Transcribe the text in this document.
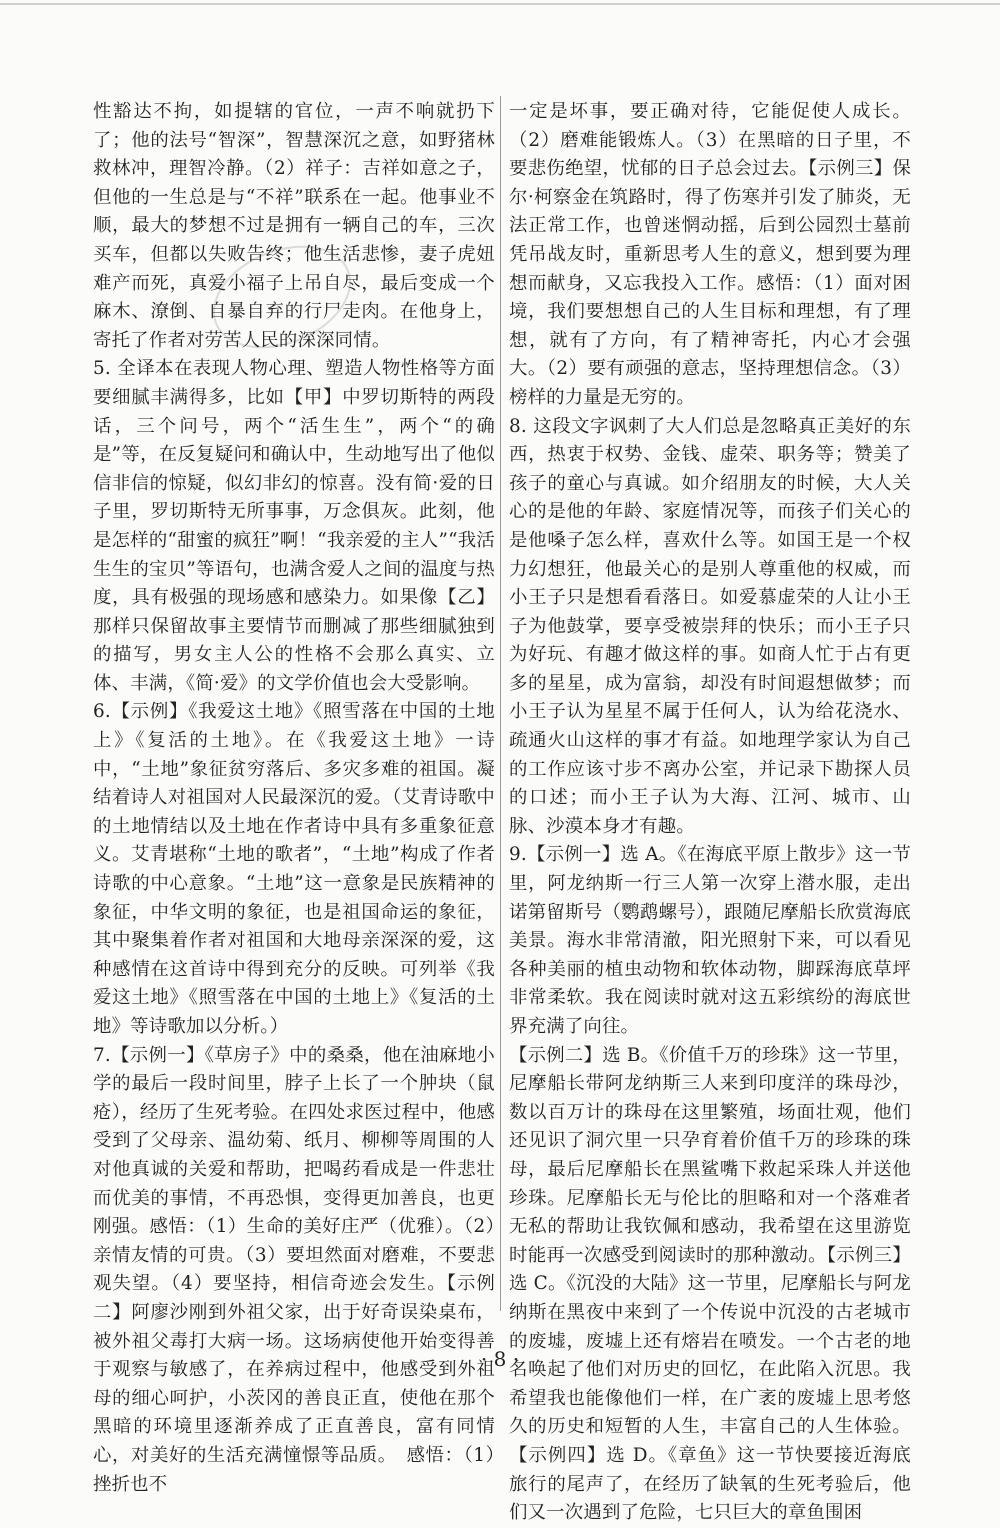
性豁达不拘，如提辖的官位，一声不响就扔下了；他的法号“智深”，智慧深沉之意，如野猪林救林冲，理智冷静。（2）祥子：吉祥如意之子，但他的一生总是与“不祥”联系在一起。他事业不顺，最大的梦想不过是拥有一辆自己的车，三次买车，但都以失败告终；他生活悲惨，妻子虎妞难产而死，真爱小福子上吊自尽，最后变成一个麻木、潦倒、自暴自弃的行尸走肉。在他身上，寄托了作者对劳苦人民的深深同情。

5. 全译本在表现人物心理、塑造人物性格等方面要细腻丰满得多，比如【甲】中罗切斯特的两段话，三个问号，两个“活生生”，两个“的确是”等，在反复疑问和确认中，生动地写出了他似信非信的惊疑，似幻非幻的惊喜。没有简·爱的日子里，罗切斯特无所事事，万念俱灰。此刻，他是怎样的“甜蜜的疯狂”啊！“我亲爱的主人”“我活生生的宝贝”等语句，也满含爱人之间的温度与热度，具有极强的现场感和感染力。如果像【乙】那样只保留故事主要情节而删减了那些细腻独到的描写，男女主人公的性格不会那么真实、立体、丰满，《简·爱》的文学价值也会大受影响。

6.【示例】《我爱这土地》《照雪落在中国的土地上》《复活的土地》。在《我爱这土地》一诗中，“土地”象征贫穷落后、多灾多难的祖国。凝结着诗人对祖国对人民最深沉的爱。（艾青诗歌中的土地情结以及土地在作者诗中具有多重象征意义。艾青堪称“土地的歌者”，“土地”构成了作者诗歌的中心意象。“土地”这一意象是民族精神的象征，中华文明的象征，也是祖国命运的象征，其中聚集着作者对祖国和大地母亲深深的爱，这种感情在这首诗中得到充分的反映。可列举《我爱这土地》《照雪落在中国的土地上》《复活的土地》等诗歌加以分析。）

7.【示例一】《草房子》中的桑桑，他在油麻地小学的最后一段时间里，脖子上长了一个肿块（鼠疮），经历了生死考验。在四处求医过程中，他感受到了父母亲、温幼菊、纸月、柳柳等周围的人对他真诚的关爱和帮助，把喝药看成是一件悲壮而优美的事情，不再恐惧，变得更加善良，也更刚强。感悟：（1）生命的美好庄严（优雅）。（2）亲情友情的可贵。（3）要坦然面对磨难，不要悲观失望。（4）要坚持，相信奇迹会发生。【示例二】阿廖沙刚到外祖父家，出于好奇误染桌布，被外祖父毒打大病一场。这场病使他开始变得善于观察与敏感了，在养病过程中，他感受到外祖母的细心呵护，小茨冈的善良正直，使他在那个黑暗的环境里逐渐养成了正直善良，富有同情心，对美好的生活充满憧憬等品质。　感悟：（1）挫折也不

一定是坏事，要正确对待，它能促使人成长。（2）磨难能锻炼人。（3）在黑暗的日子里，不要悲伤绝望，忧郁的日子总会过去。【示例三】保尔·柯察金在筑路时，得了伤寒并引发了肺炎，无法正常工作，也曾迷惘动摇，后到公园烈士墓前凭吊战友时，重新思考人生的意义，想到要为理想而献身，又忘我投入工作。感悟：（1）面对困境，我们要想想自己的人生目标和理想，有了理想，就有了方向，有了精神寄托，内心才会强大。（2）要有顽强的意志，坚持理想信念。（3）榜样的力量是无穷的。

8. 这段文字讽刺了大人们总是忽略真正美好的东西，热衷于权势、金钱、虚荣、职务等；赞美了孩子的童心与真诚。如介绍朋友的时候，大人关心的是他的年龄、家庭情况等，而孩子们关心的是他嗓子怎么样，喜欢什么等。如国王是一个权力幻想狂，他最关心的是别人尊重他的权威，而小王子只是想看看落日。如爱慕虚荣的人让小王子为他鼓掌，要享受被崇拜的快乐；而小王子只为好玩、有趣才做这样的事。如商人忙于占有更多的星星，成为富翁，却没有时间遐想做梦；而小王子认为星星不属于任何人，认为给花浇水、疏通火山这样的事才有益。如地理学家认为自己的工作应该寸步不离办公室，并记录下勘探人员的口述；而小王子认为大海、江河、城市、山脉、沙漠本身才有趣。

9.【示例一】选 A。《在海底平原上散步》这一节里，阿龙纳斯一行三人第一次穿上潜水服，走出诺第留斯号（鹦鹉螺号），跟随尼摩船长欣赏海底美景。海水非常清澈，阳光照射下来，可以看见各种美丽的植虫动物和软体动物，脚踩海底草坪非常柔软。我在阅读时就对这五彩缤纷的海底世界充满了向往。

【示例二】选 B。《价值千万的珍珠》这一节里，尼摩船长带阿龙纳斯三人来到印度洋的珠母沙，数以百万计的珠母在这里繁殖，场面壮观，他们还见识了洞穴里一只孕育着价值千万的珍珠的珠母，最后尼摩船长在黑鲨嘴下救起采珠人并送他珍珠。尼摩船长无与伦比的胆略和对一个落难者无私的帮助让我钦佩和感动，我希望在这里游览时能再一次感受到阅读时的那种激动。【示例三】选 C。《沉没的大陆》这一节里，尼摩船长与阿龙纳斯在黑夜中来到了一个传说中沉没的古老城市的废墟，废墟上还有熔岩在喷发。一个古老的地名唤起了他们对历史的回忆，在此陷入沉思。我希望我也能像他们一样，在广袤的废墟上思考悠久的历史和短暂的人生，丰富自己的人生体验。【示例四】选 D。《章鱼》这一节快要接近海底旅行的尾声了，在经历了缺氧的生死考验后，他们又一次遇到了危险，七只巨大的章鱼围困

· 8 ·
